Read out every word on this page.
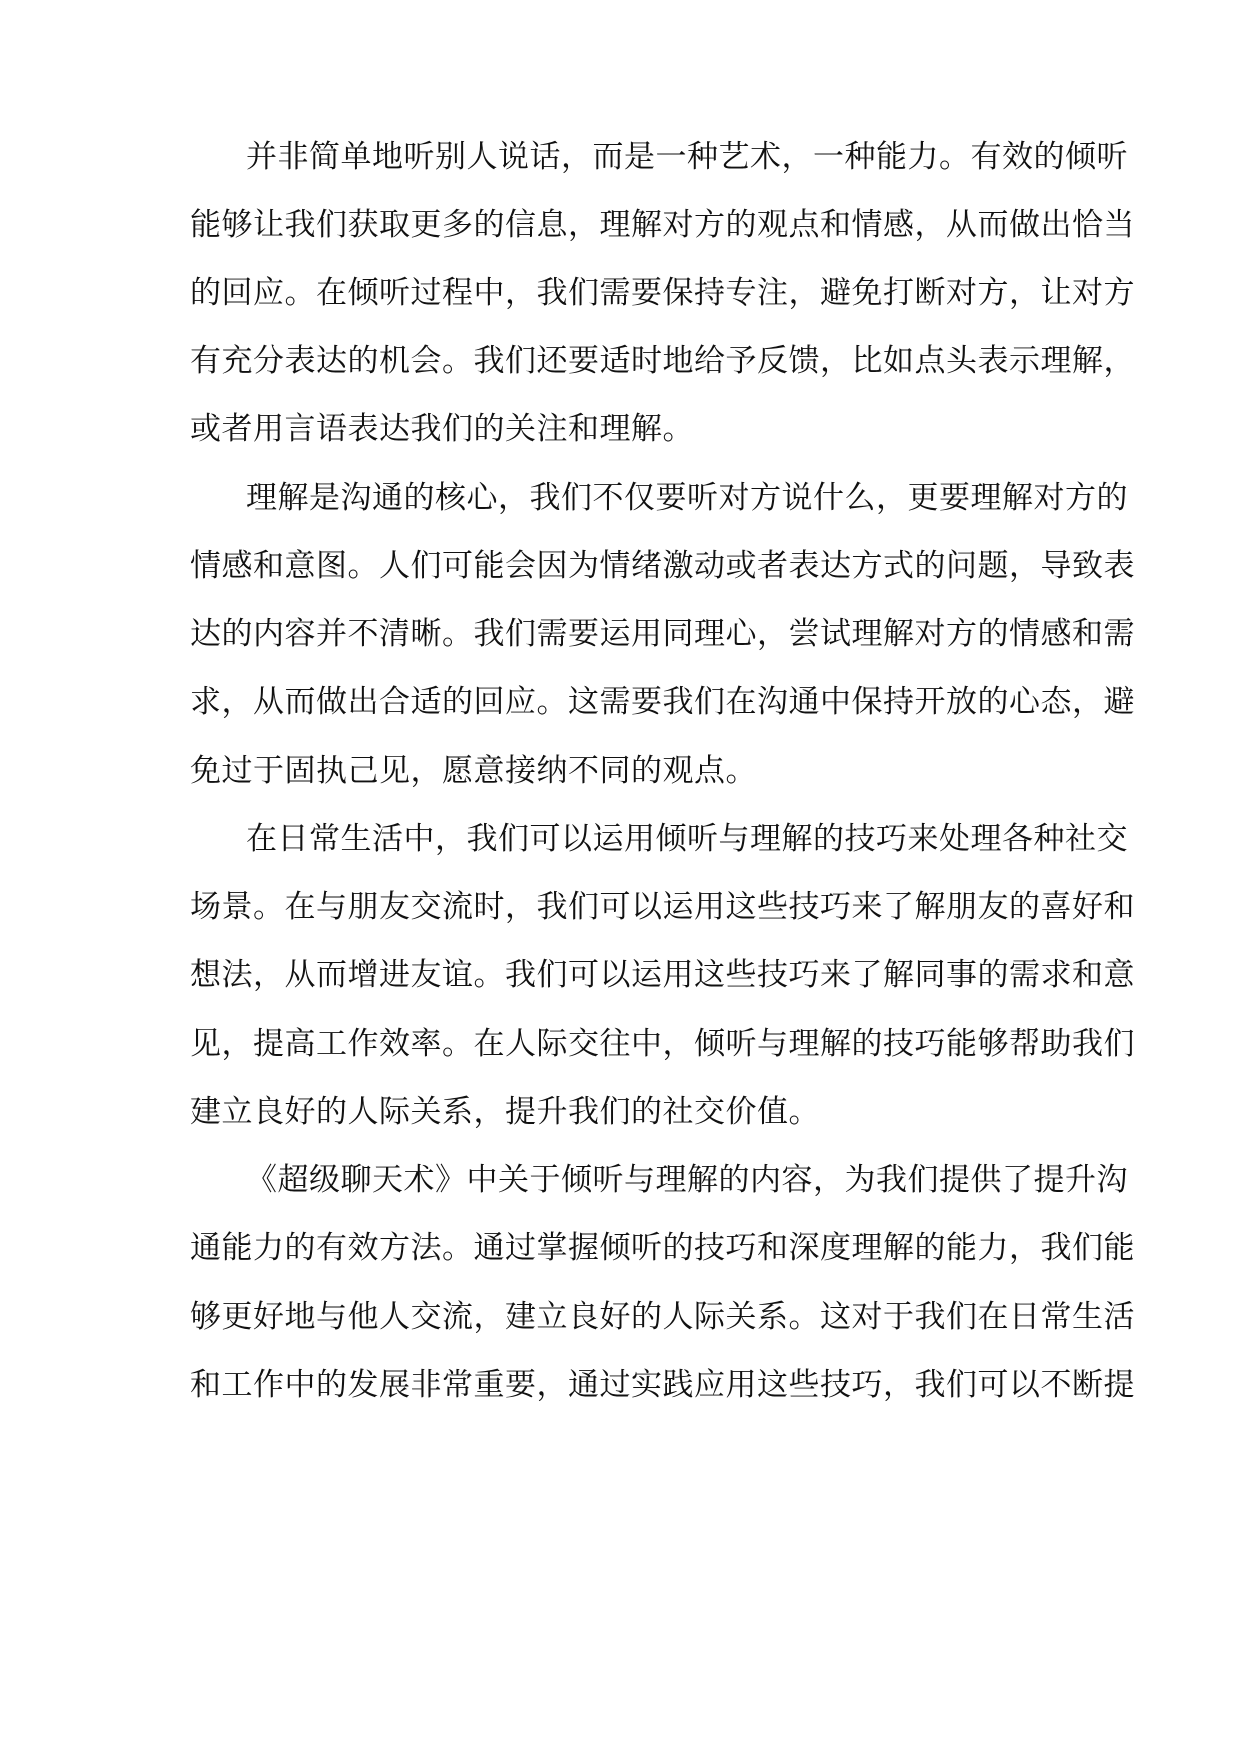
并非简单地听别人说话，而是一种艺术，一种能力。有效的倾听
能够让我们获取更多的信息，理解对方的观点和情感，从而做出恰当
的回应。在倾听过程中，我们需要保持专注，避免打断对方，让对方
有充分表达的机会。我们还要适时地给予反馈，比如点头表示理解，
或者用言语表达我们的关注和理解。
理解是沟通的核心，我们不仅要听对方说什么，更要理解对方的
情感和意图。人们可能会因为情绪激动或者表达方式的问题，导致表
达的内容并不清晰。我们需要运用同理心，尝试理解对方的情感和需
求，从而做出合适的回应。这需要我们在沟通中保持开放的心态，避
免过于固执己见，愿意接纳不同的观点。
在日常生活中，我们可以运用倾听与理解的技巧来处理各种社交
场景。在与朋友交流时，我们可以运用这些技巧来了解朋友的喜好和
想法，从而增进友谊。我们可以运用这些技巧来了解同事的需求和意
见，提高工作效率。在人际交往中，倾听与理解的技巧能够帮助我们
建立良好的人际关系，提升我们的社交价值。
《超级聊天术》中关于倾听与理解的内容，为我们提供了提升沟
通能力的有效方法。通过掌握倾听的技巧和深度理解的能力，我们能
够更好地与他人交流，建立良好的人际关系。这对于我们在日常生活
和工作中的发展非常重要，通过实践应用这些技巧，我们可以不断提
